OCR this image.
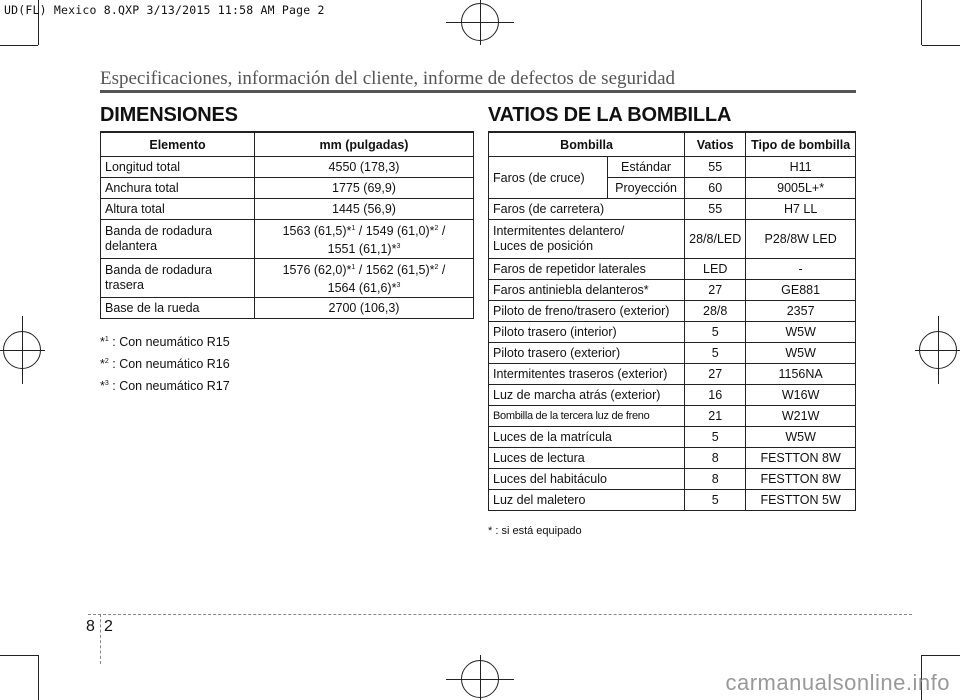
UD(FL) Mexico 8.QXP 3/13/2015 11:58 AM Page 2
Especificaciones, información del cliente, informe de defectos de seguridad
DIMENSIONES
Elemento	mm (pulgadas)
Longitud total	4550 (178,3)
Anchura total	1775 (69,9)
Altura total	1445 (56,9)
Banda de rodadura
delantera	1563 (61,5)*$^1$ / 1549 (61,0)*$^2$ /
1551 (61,1)*$^3$
Banda de rodadura
trasera	1576 (62,0)*$^1$ / 1562 (61,5)*$^2$ /
1564 (61,6)*$^3$
Base de la rueda	2700 (106,3)
*$^1$ : Con neumático R15
*$^2$ : Con neumático R16
*$^3$ : Con neumático R17
VATIOS DE LA BOMBILLA
Bombilla		Vatios	Tipo de bombilla
Faros (de cruce)	Estándar	55	H11
	Proyección	60	9005L+*
Faros (de carretera)		55	H7 LL
Intermitentes delantero/
Luces de posición		28/8/LED	P28/8W LED
Faros de repetidor laterales		LED	-
Faros antiniebla delanteros*		27	GE881
Piloto de freno/trasero (exterior)		28/8	2357
Piloto trasero (interior)		5	W5W
Piloto trasero (exterior)		5	W5W
Intermitentes traseros (exterior)		27	1156NA
Luz de marcha atrás (exterior)		16	W16W
Bombilla de la tercera luz de freno		21	W21W
Luces de la matrícula		5	W5W
Luces de lectura		8	FESTTON 8W
Luces del habitáculo		8	FESTTON 8W
Luz del maletero		5	FESTTON 5W
* : si está equipado
8 2
carmanualsonline.info
